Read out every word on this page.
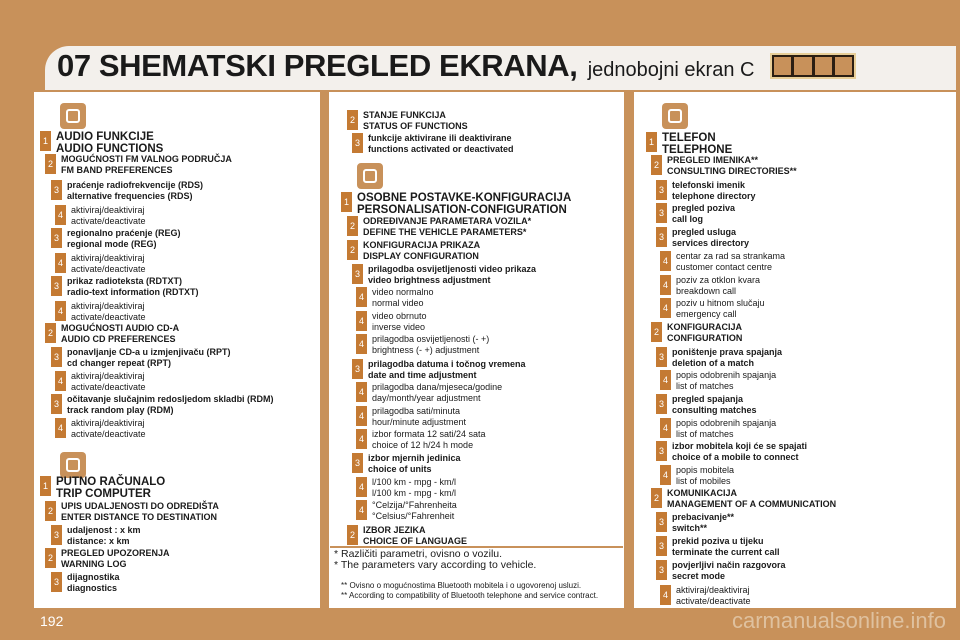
07 SHEMATSKI PREGLED EKRANA, jednobojni ekran C
1 AUDIO FUNKCIJE
AUDIO FUNCTIONS
2 MOGUĆNOSTI FM VALNOG PODRUČJA
FM BAND PREFERENCES
3 praćenje radiofrekvencije (RDS)
alternative frequencies (RDS)
4 aktiviraj/deaktiviraj
activate/deactivate
3 regionalno praćenje (REG)
regional mode (REG)
4 aktiviraj/deaktiviraj
activate/deactivate
3 prikaz radioteksta (RDTXT)
radio-text information (RDTXT)
4 aktiviraj/deaktiviraj
activate/deactivate
2 MOGUĆNOSTI AUDIO CD-A
AUDIO CD PREFERENCES
3 ponavljanje CD-a u izmjenjivaču (RPT)
cd changer repeat (RPT)
4 aktiviraj/deaktiviraj
activate/deactivate
3 očitavanje slučajnim redosljedom skladbi (RDM)
track random play (RDM)
4 aktiviraj/deaktiviraj
activate/deactivate
1 PUTNO RAČUNALO
TRIP COMPUTER
2 UPIS UDALJENOSTI DO ODREDIŠTA
ENTER DISTANCE TO DESTINATION
3 udaljenost : x km
distance: x km
2 PREGLED UPOZORENJA
WARNING LOG
3 dijagnostika
diagnostics
2 STANJE FUNKCIJA
STATUS OF FUNCTIONS
3 funkcije aktivirane ili deaktivirane
functions activated or deactivated
1 OSOBNE POSTAVKE-KONFIGURACIJA
PERSONALISATION-CONFIGURATION
2 ODREĐIVANJE PARAMETARA VOZILA*
DEFINE THE VEHICLE PARAMETERS*
2 KONFIGURACIJA PRIKAZA
DISPLAY CONFIGURATION
3 prilagodba osvijetljenosti video prikaza
video brightness adjustment
4 video normalno
normal video
4 video obrnuto
inverse video
4 prilagodba osvijetljenosti (- +)
brightness (- +) adjustment
3 prilagodba datuma i točnog vremena
date and time adjustment
4 prilagodba dana/mjeseca/godine
day/month/year adjustment
4 prilagodba sati/minuta
hour/minute adjustment
4 izbor formata 12 sati/24 sata
choice of 12 h/24 h mode
3 izbor mjernih jedinica
choice of units
4 l/100 km - mpg - km/l
l/100 km - mpg - km/l
4 °Celzija/°Fahrenheita
°Celsius/°Fahrenheit
2 IZBOR JEZIKA
CHOICE OF LANGUAGE
1 TELEFON
TELEPHONE
2 PREGLED IMENIKA**
CONSULTING DIRECTORIES**
3 telefonski imenik
telephone directory
3 pregled poziva
call log
3 pregled usluga
services directory
4 centar za rad sa strankama
customer contact centre
4 poziv za otklon kvara
breakdown call
4 poziv u hitnom slučaju
emergency call
2 KONFIGURACIJA
CONFIGURATION
3 poništenje prava spajanja
deletion of a match
4 popis odobrenih spajanja
list of matches
3 pregled spajanja
consulting matches
4 popis odobrenih spajanja
list of matches
3 izbor mobitela koji će se spajati
choice of a mobile to connect
4 popis mobitela
list of mobiles
2 KOMUNIKACIJA
MANAGEMENT OF A COMMUNICATION
3 prebacivanje**
switch**
3 prekid poziva u tijeku
terminate the current call
3 povjerljivi način razgovora
secret mode
4 aktiviraj/deaktiviraj
activate/deactivate
* Različiti parametri, ovisno o vozilu.
* The parameters vary according to vehicle.
** Ovisno o mogućnostima Bluetooth mobitela i o ugovorenoj usluzi.
** According to compatibility of Bluetooth telephone and service contract.
192	carmanualsonline.info
